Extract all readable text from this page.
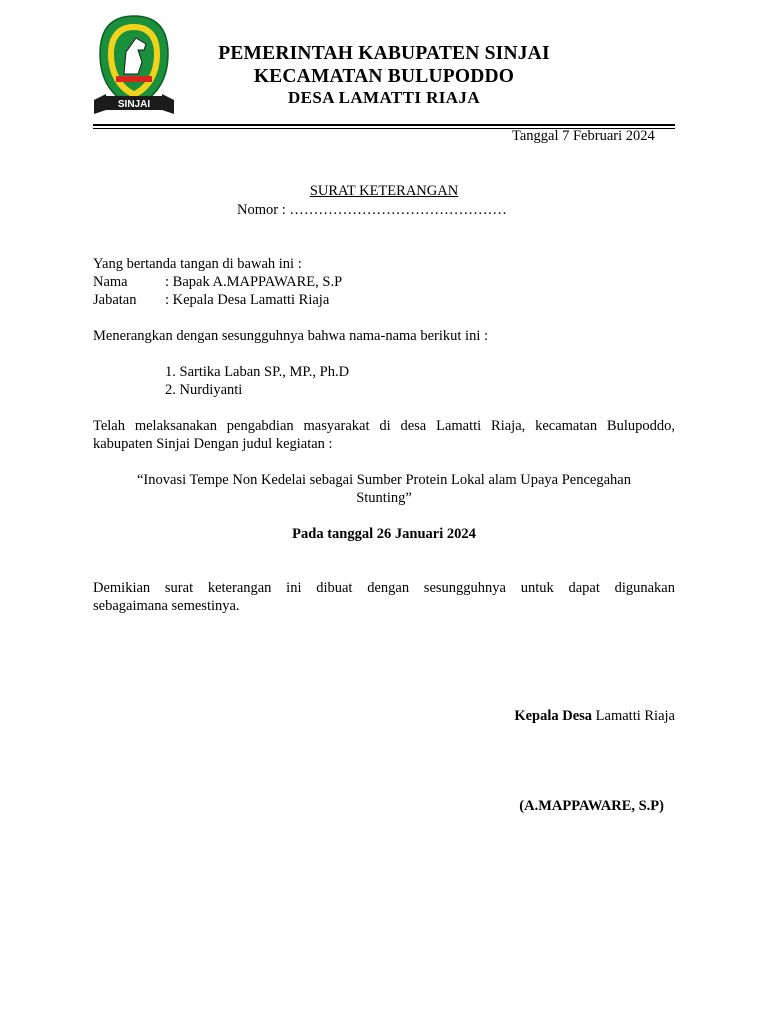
SINJAI

PEMERINTAH KABUPATEN SINJAI

KECAMATAN BULUPODDO

DESA LAMATTI RIAJA

Tanggal 7 Februari 2024

SURAT KETERANGAN

Nomor : ………………………………………

Yang bertanda tangan di bawah ini :

Nama	: Bapak A.MAPPAWARE, S.P

Jabatan : Kepala Desa Lamatti Riaja

Menerangkan dengan sesungguhnya bahwa nama-nama berikut ini :

1. Sartika Laban SP., MP., Ph.D

2. Nurdiyanti

Telah melaksanakan pengabdian masyarakat di desa Lamatti Riaja, kecamatan Bulupoddo,

kabupaten Sinjai Dengan judul kegiatan :

“Inovasi Tempe Non Kedelai sebagai Sumber Protein Lokal alam Upaya Pencegahan Stunting”

Pada tanggal 26 Januari 2024

Demikian surat keterangan ini dibuat dengan sesungguhnya untuk dapat digunakan

sebagaimana semestinya.

Kepala Desa Lamatti Riaja

(A.MAPPAWARE, S.P)
